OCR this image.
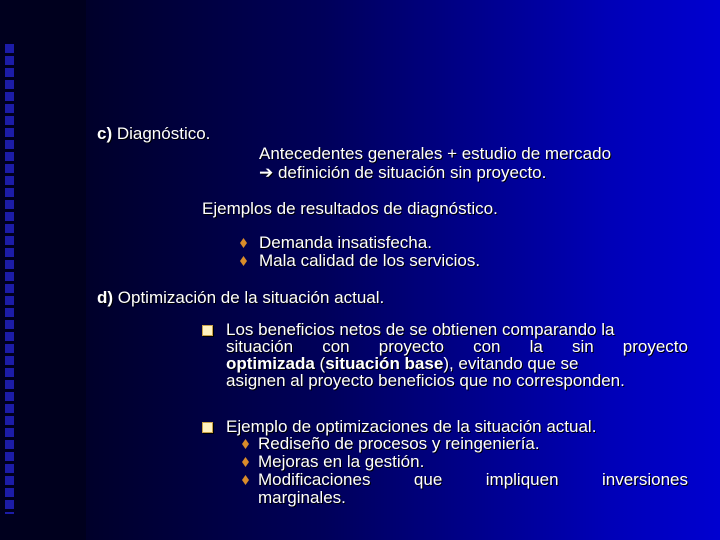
c) Diagnóstico.
Antecedentes generales + estudio de mercado
➔ definición de situación sin proyecto.
Ejemplos de resultados de diagnóstico.
Demanda insatisfecha.
Mala calidad de los servicios.
d) Optimización de la situación actual.
Los beneficios netos de se obtienen comparando la
situación con proyecto con la sin proyecto
optimizada (situación base), evitando que se
asignen al proyecto beneficios que no corresponden.
Ejemplo de optimizaciones de la situación actual.
Rediseño de procesos y reingeniería.
Mejoras en la gestión.
Modificaciones	que	impliquen	inversiones
marginales.
